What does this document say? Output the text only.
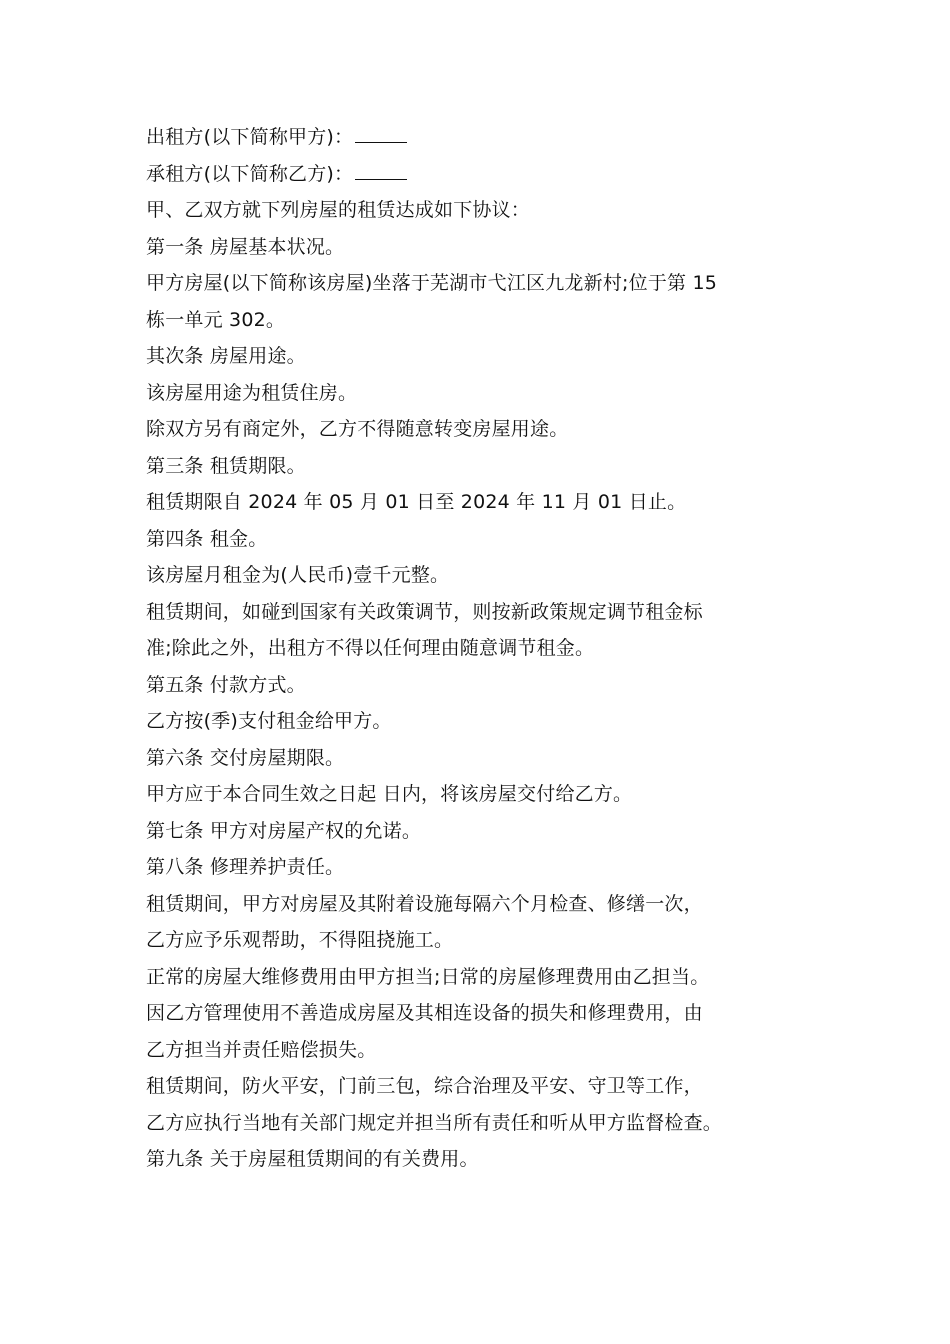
出租方(以下简称甲方)：
承租方(以下简称乙方)：
甲、乙双方就下列房屋的租赁达成如下协议：
第一条 房屋基本状况。
甲方房屋(以下简称该房屋)坐落于芜湖市弋江区九龙新村;位于第 15
栋一单元 302。
其次条 房屋用途。
该房屋用途为租赁住房。
除双方另有商定外，乙方不得随意转变房屋用途。
第三条 租赁期限。
租赁期限自 2024 年 05 月 01 日至 2024 年 11 月 01 日止。
第四条 租金。
该房屋月租金为(人民币)壹千元整。
租赁期间，如碰到国家有关政策调节，则按新政策规定调节租金标
准;除此之外，出租方不得以任何理由随意调节租金。
第五条 付款方式。
乙方按(季)支付租金给甲方。
第六条 交付房屋期限。
甲方应于本合同生效之日起 日内，将该房屋交付给乙方。
第七条 甲方对房屋产权的允诺。
第八条 修理养护责任。
租赁期间，甲方对房屋及其附着设施每隔六个月检查、修缮一次，
乙方应予乐观帮助，不得阻挠施工。
正常的房屋大维修费用由甲方担当;日常的房屋修理费用由乙担当。
因乙方管理使用不善造成房屋及其相连设备的损失和修理费用，由
乙方担当并责任赔偿损失。
租赁期间，防火平安，门前三包，综合治理及平安、守卫等工作，
乙方应执行当地有关部门规定并担当所有责任和听从甲方监督检查。
第九条 关于房屋租赁期间的有关费用。
